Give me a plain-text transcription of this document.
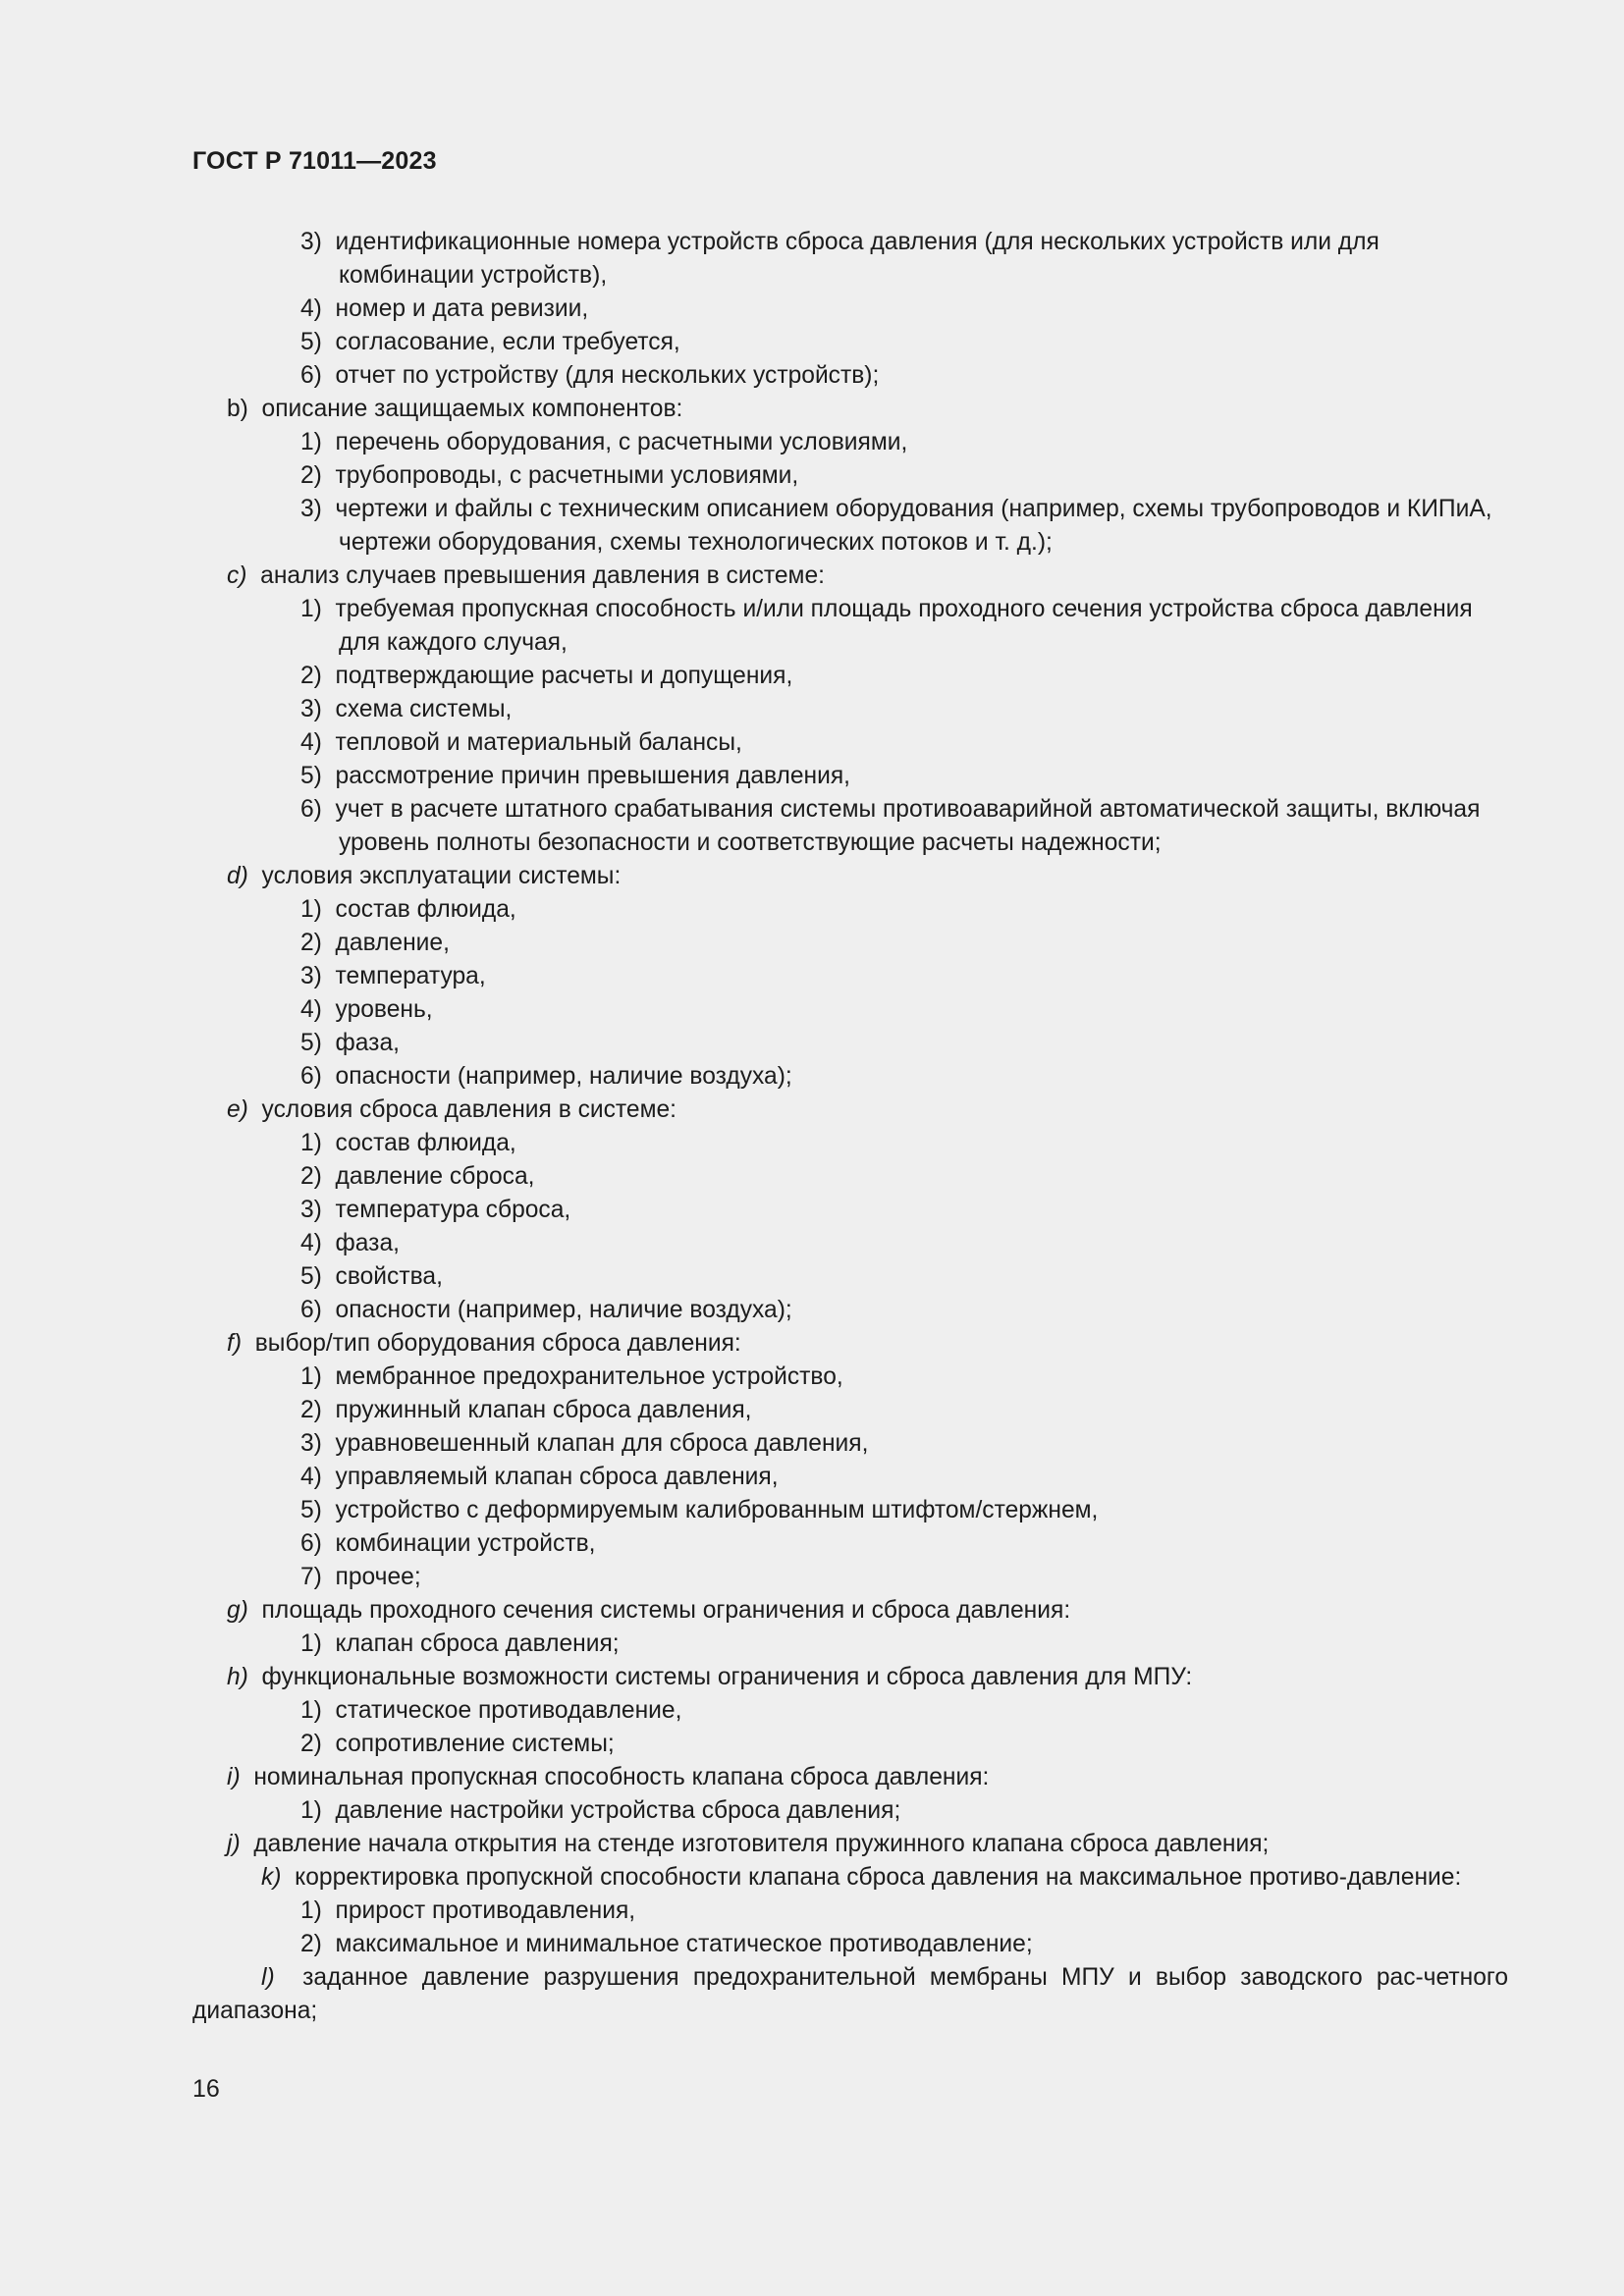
ГОСТ Р 71011—2023
3) идентификационные номера устройств сброса давления (для нескольких устройств или для комбинации устройств),
4) номер и дата ревизии,
5) согласование, если требуется,
6) отчет по устройству (для нескольких устройств);
b) описание защищаемых компонентов:
1) перечень оборудования, с расчетными условиями,
2) трубопроводы, с расчетными условиями,
3) чертежи и файлы с техническим описанием оборудования (например, схемы трубопроводов и КИПиА, чертежи оборудования, схемы технологических потоков и т. д.);
c) анализ случаев превышения давления в системе:
1) требуемая пропускная способность и/или площадь проходного сечения устройства сброса давления для каждого случая,
2) подтверждающие расчеты и допущения,
3) схема системы,
4) тепловой и материальный балансы,
5) рассмотрение причин превышения давления,
6) учет в расчете штатного срабатывания системы противоаварийной автоматической защиты, включая уровень полноты безопасности и соответствующие расчеты надежности;
d) условия эксплуатации системы:
1) состав флюида,
2) давление,
3) температура,
4) уровень,
5) фаза,
6) опасности (например, наличие воздуха);
e) условия сброса давления в системе:
1) состав флюида,
2) давление сброса,
3) температура сброса,
4) фаза,
5) свойства,
6) опасности (например, наличие воздуха);
f) выбор/тип оборудования сброса давления:
1) мембранное предохранительное устройство,
2) пружинный клапан сброса давления,
3) уравновешенный клапан для сброса давления,
4) управляемый клапан сброса давления,
5) устройство с деформируемым калиброванным штифтом/стержнем,
6) комбинации устройств,
7) прочее;
g) площадь проходного сечения системы ограничения и сброса давления:
1) клапан сброса давления;
h) функциональные возможности системы ограничения и сброса давления для МПУ:
1) статическое противодавление,
2) сопротивление системы;
i) номинальная пропускная способность клапана сброса давления:
1) давление настройки устройства сброса давления;
j) давление начала открытия на стенде изготовителя пружинного клапана сброса давления;
k) корректировка пропускной способности клапана сброса давления на максимальное противо-давление:
1) прирост противодавления,
2) максимальное и минимальное статическое противодавление;
l) заданное давление разрушения предохранительной мембраны МПУ и выбор заводского рас-четного диапазона;
16
